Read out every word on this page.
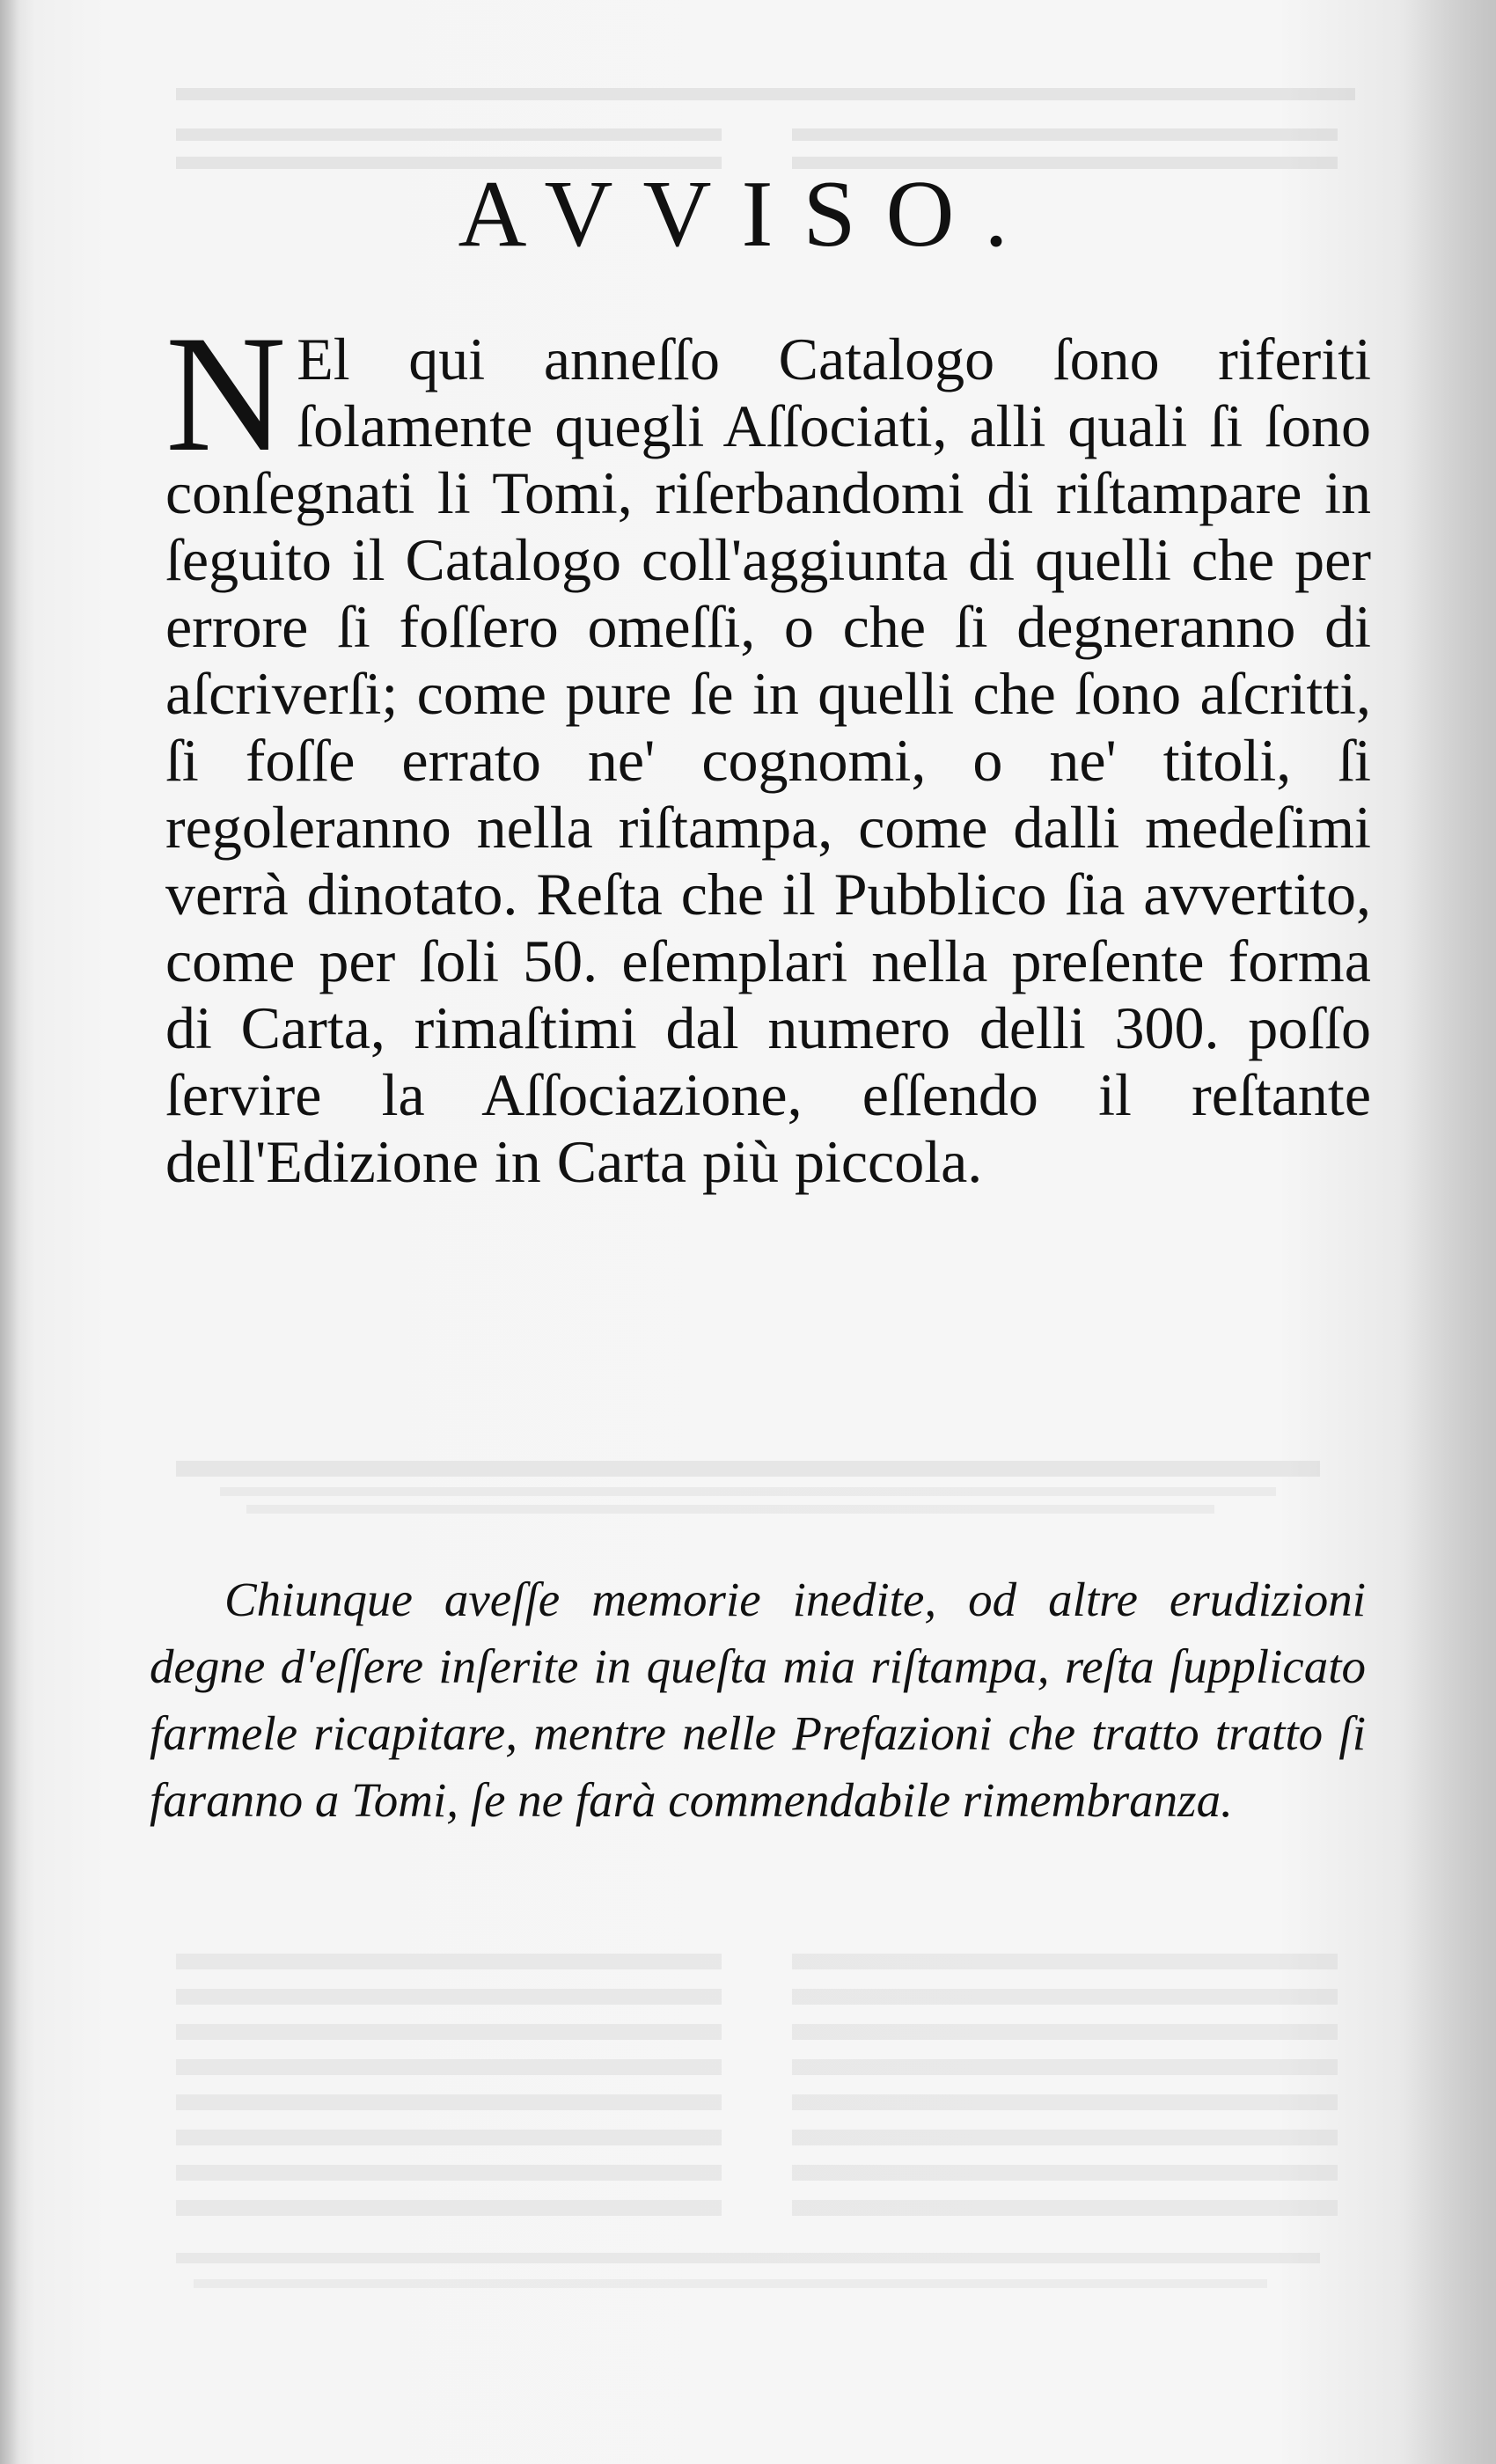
AVVISO.

N El qui anneſſo Catalogo ſono riferiti ſolamente quegli Aſſociati, alli quali ſi ſono conſegnati li Tomi, riſerbandomi di riſtampare in ſeguito il Catalogo coll'aggiunta di quelli che per errore ſi foſſero omeſſi, o che ſi degneranno di aſcriverſi; come pure ſe in quelli che ſono aſcritti, ſi foſſe errato ne' cognomi, o ne' titoli, ſi regoleranno nella riſtampa, come dalli medeſimi verrà dinotato. Reſta che il Pubblico ſia avvertito, come per ſoli 50. eſemplari nella preſente forma di Carta, rimaſtimi dal numero delli 300. poſſo ſervire la Aſſociazione, eſſendo il reſtante dell'Edizione in Carta più piccola.

Chiunque aveſſe memorie inedite, od altre erudizioni degne d'eſſere inſerite in queſta mia riſtampa, reſta ſupplicato farmele ricapitare, mentre nelle Prefazioni che tratto tratto ſi faranno a Tomi, ſe ne farà commendabile rimembranza.
